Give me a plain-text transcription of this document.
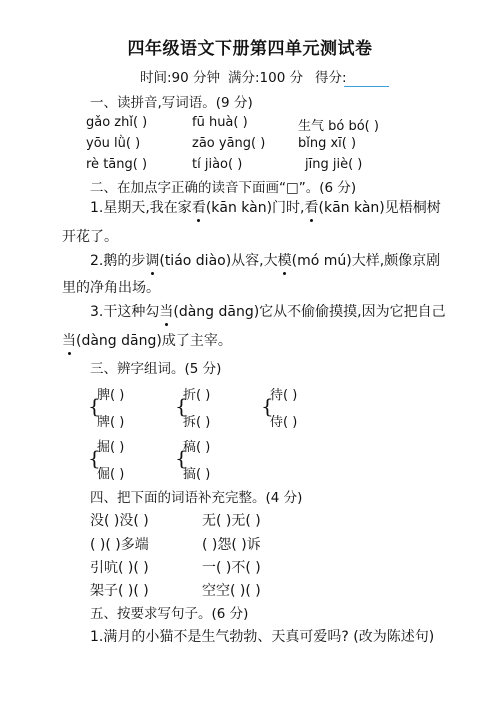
四年级语文下册第四单元测试卷
时间:90 分钟 满分:100 分 得分:
一、读拼音,写词语。(9 分)
gǎo zhǐ( )	fū huà( )	生气 bó bó( )
yōu lǜ( )	zāo yāng( )	bǐng xī( )
rè tāng( )	tí jiào( )	jīng jiè( )
二、在加点字正确的读音下面画“□”。(6 分)
1.星期天,我在家看(kān kàn)门时,看(kān kàn)见梧桐树
开花了。
2.鹅的步调(tiáo diào)从容,大模(mó mú)大样,颇像京剧
里的净角出场。
3.干这种勾当(dàng dāng)它从不偷偷摸摸,因为它把自己
当(dàng dāng)成了主宰。
三、辨字组词。(5 分)
脾( )	折( )	待( )
{	{	{
牌( )	拆( )	侍( )
掘( )	稿( )
{	{
倔( )	搞( )
四、把下面的词语补充完整。(4 分)
没( )没( )	无( )无( )
( )( )多端	( )怨( )诉
引吭( )( )	一( )不( )
架子( )( )	空空( )( )
五、按要求写句子。(6 分)
1.满月的小猫不是生气勃勃、天真可爱吗? (改为陈述句)
